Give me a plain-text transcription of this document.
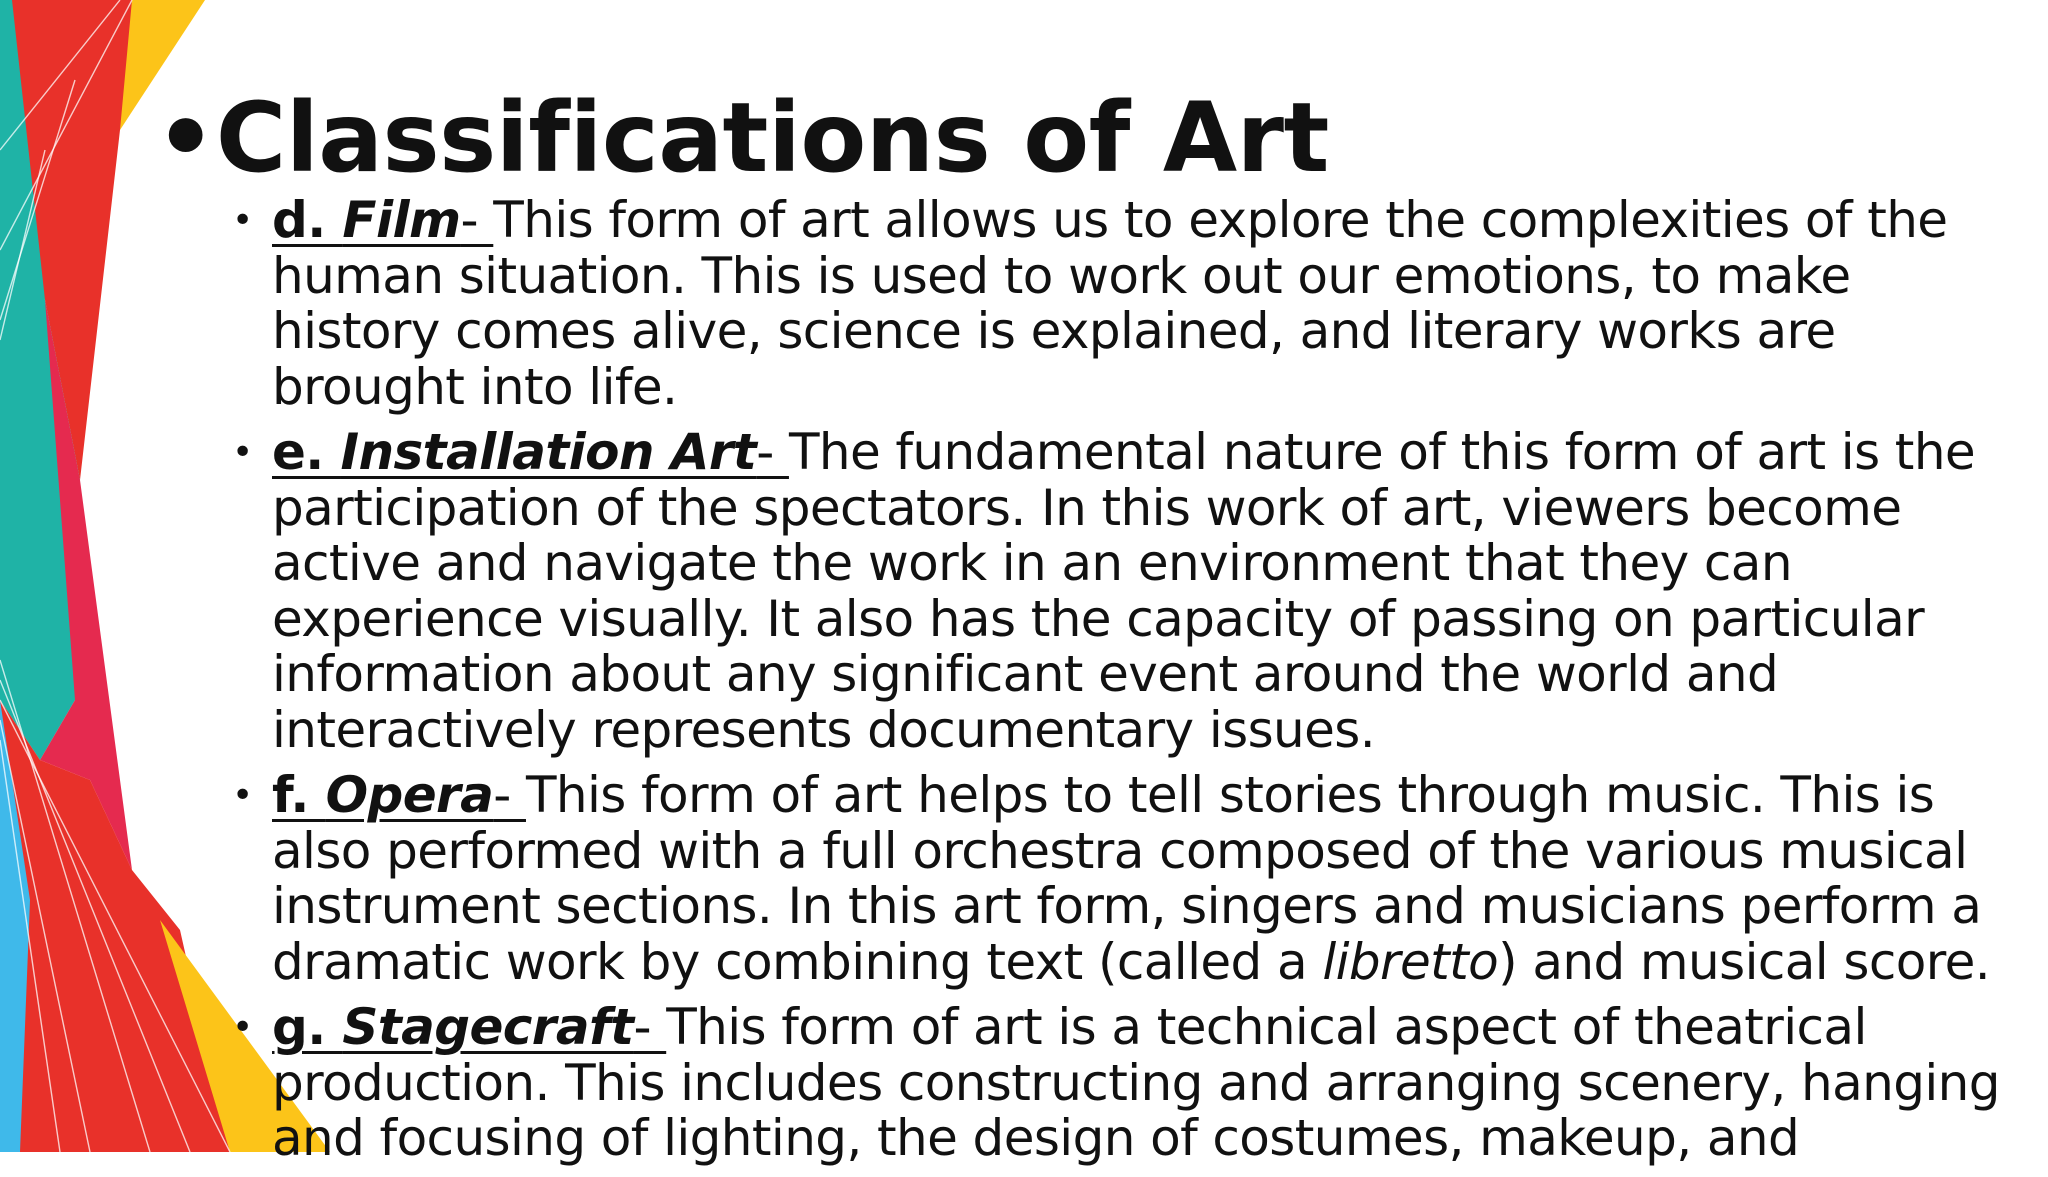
•Classifications of Art
• d. Film- This form of art allows us to explore the complexities of the human situation. This is used to work out our emotions, to make history comes alive, science is explained, and literary works are brought into life.
• e. Installation Art- The fundamental nature of this form of art is the participation of the spectators. In this work of art, viewers become active and navigate the work in an environment that they can experience visually. It also has the capacity of passing on particular information about any significant event around the world and interactively represents documentary issues.
• f. Opera- This form of art helps to tell stories through music. This is also performed with a full orchestra composed of the various musical instrument sections. In this art form, singers and musicians perform a dramatic work by combining text (called a libretto) and musical score.
• g. Stagecraft- This form of art is a technical aspect of theatrical production. This includes constructing and arranging scenery, hanging and focusing of lighting, the design of costumes, makeup, and
